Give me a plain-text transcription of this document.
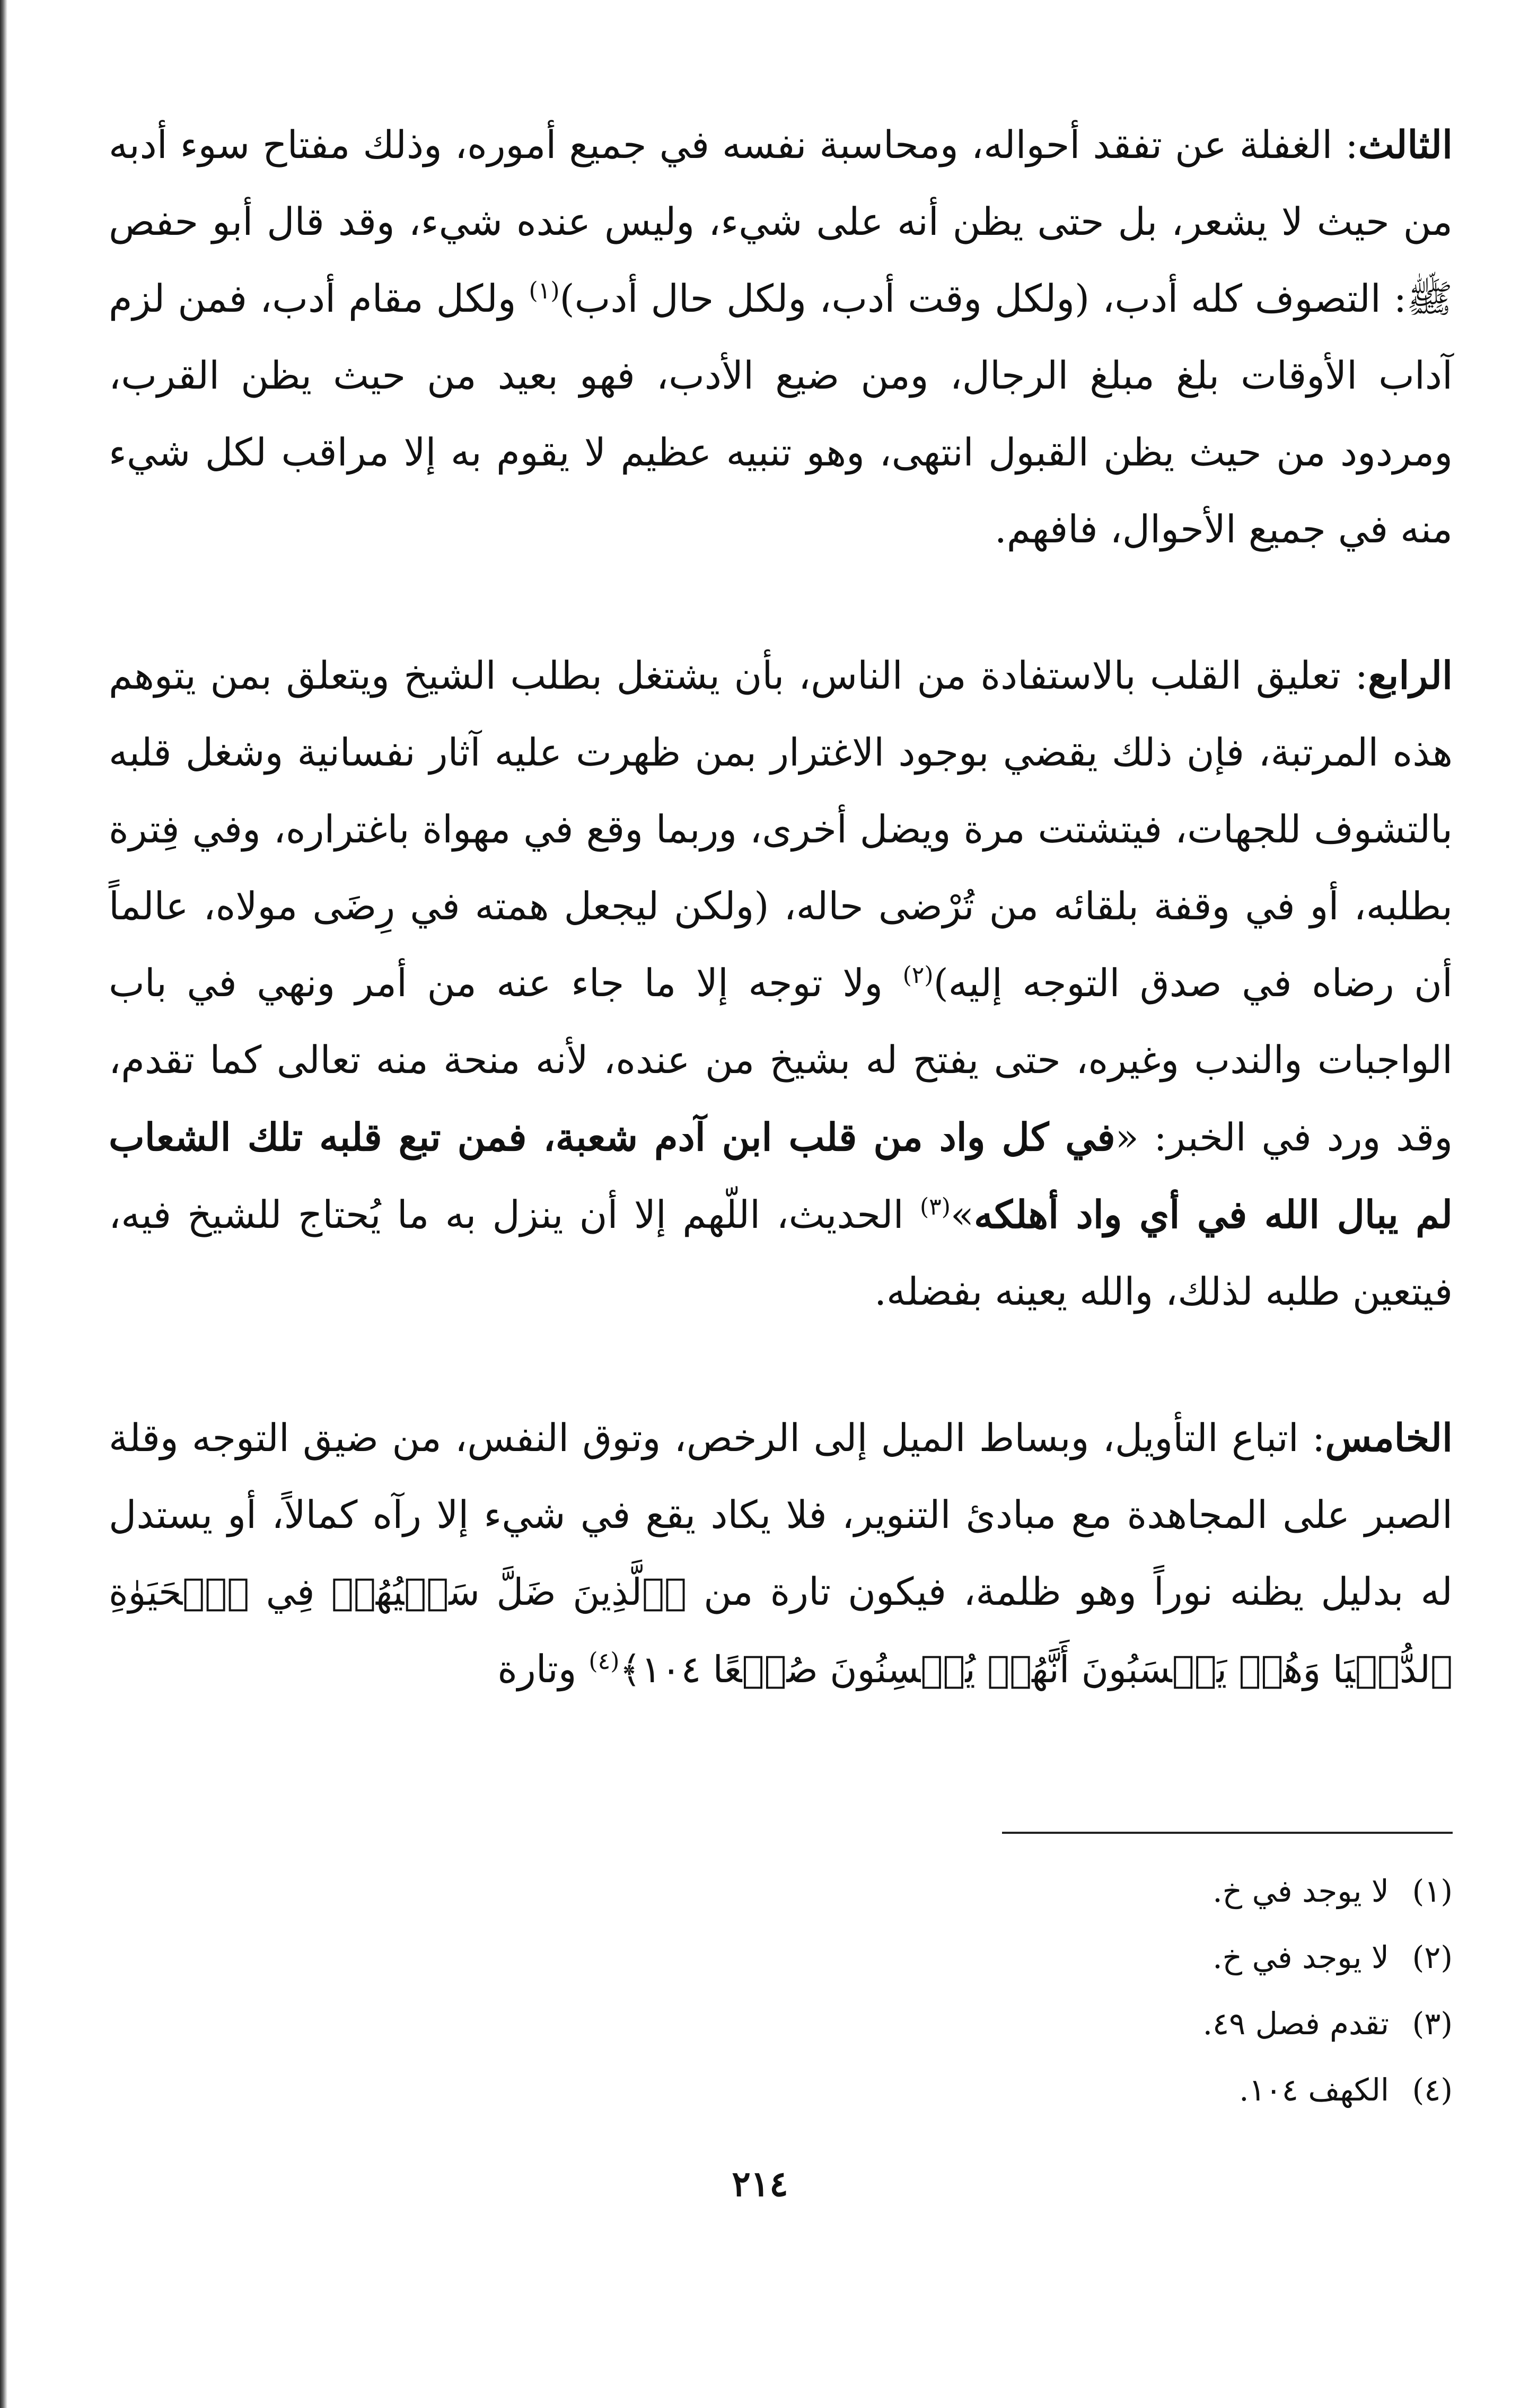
الثالث: الغفلة عن تفقد أحواله، ومحاسبة نفسه في جميع أموره، وذلك مفتاح سوء أدبه من حيث لا يشعر، بل حتى يظن أنه على شيء، وليس عنده شيء، وقد قال أبو حفص ﷺ: التصوف كله أدب، (ولكل وقت أدب، ولكل حال أدب)$^{(١)}$ ولكل مقام أدب، فمن لزم آداب الأوقات بلغ مبلغ الرجال، ومن ضيع الأدب، فهو بعيد من حيث يظن القرب، ومردود من حيث يظن القبول انتهى، وهو تنبيه عظيم لا يقوم به إلا مراقب لكل شيء منه في جميع الأحوال، فافهم.

الرابع: تعليق القلب بالاستفادة من الناس، بأن يشتغل بطلب الشيخ ويتعلق بمن يتوهم هذه المرتبة، فإن ذلك يقضي بوجود الاغترار بمن ظهرت عليه آثار نفسانية وشغل قلبه بالتشوف للجهات، فيتشتت مرة ويضل أخرى، وربما وقع في مهواة باغتراره، وفي فِترة بطلبه، أو في وقفة بلقائه من تُرْضى حاله، (ولكن ليجعل همته في رِضَى مولاه، عالماً أن رضاه في صدق التوجه إليه)$^{(٢)}$ ولا توجه إلا ما جاء عنه من أمر ونهي في باب الواجبات والندب وغيره، حتى يفتح له بشيخ من عنده، لأنه منحة منه تعالى كما تقدم، وقد ورد في الخبر: «في كل واد من قلب ابن آدم شعبة، فمن تبع قلبه تلك الشعاب لم يبال الله في أي واد أهلكه»$^{(٣)}$ الحديث، اللّهم إلا أن ينزل به ما يُحتاج للشيخ فيه، فيتعين طلبه لذلك، والله يعينه بفضله.

الخامس: اتباع التأويل، وبساط الميل إلى الرخص، وتوق النفس، من ضيق التوجه وقلة الصبر على المجاهدة مع مبادئ التنوير، فلا يكاد يقع في شيء إلا رآه كمالاً، أو يستدل له بدليل يظنه نوراً وهو ظلمة، فيكون تارة من ﴿ٱلَّذِينَ ضَلَّ سَعۡيُهُمۡ فِي ٱلۡحَيَوٰةِ ٱلدُّنۡيَا وَهُمۡ يَحۡسَبُونَ أَنَّهُمۡ يُحۡسِنُونَ صُنۡعًا ١٠٤﴾$^{(٤)}$ وتارة

(١)لا يوجد في خ.
(٢)لا يوجد في خ.
(٣)تقدم فصل ٤٩.
(٤)الكهف ١٠٤.
٢١٤
